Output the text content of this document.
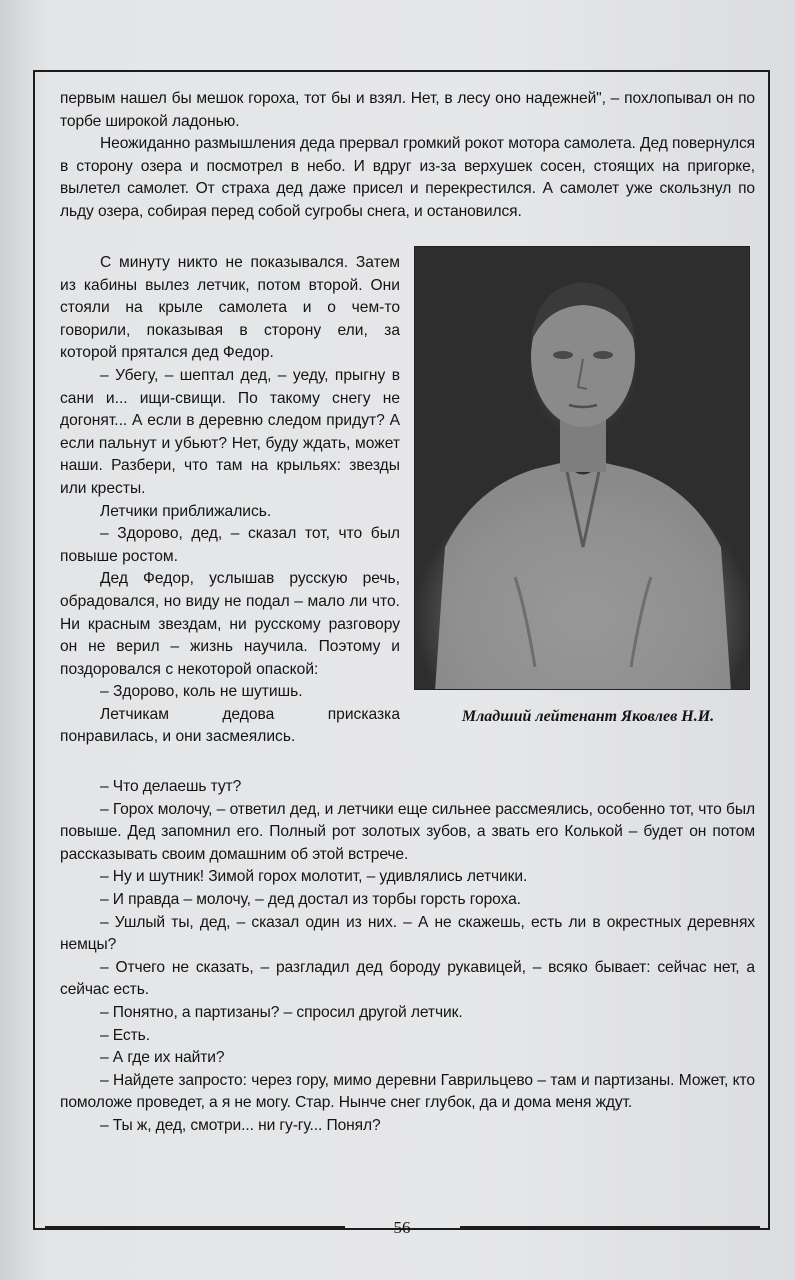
первым нашел бы мешок гороха, тот бы и взял. Нет, в лесу оно надежней", – похлопывал он по торбе широкой ладонью.

Неожиданно размышления деда прервал громкий рокот мотора самолета. Дед повернулся в сторону озера и посмотрел в небо. И вдруг из-за верхушек сосен, стоящих на пригорке, вылетел самолет. От страха дед даже присел и перекрестился. А самолет уже скользнул по льду озера, собирая перед собой сугробы снега, и остановился.

С минуту никто не показывался. Затем из кабины вылез летчик, потом второй. Они стояли на крыле самолета и о чем-то говорили, показывая в сторону ели, за которой прятался дед Федор.

– Убегу, – шептал дед, – уеду, прыгну в сани и... ищи-свищи. По такому снегу не догонят... А если в деревню следом придут? А если пальнут и убьют? Нет, буду ждать, может наши. Разбери, что там на крыльях: звезды или кресты.

Летчики приближались.

– Здорово, дед, – сказал тот, что был повыше ростом.

Дед Федор, услышав русскую речь, обрадовался, но виду не подал – мало ли что. Ни красным звездам, ни русскому разговору он не верил – жизнь научила. Поэтому и поздоровался с некоторой опаской:

– Здорово, коль не шутишь.

Летчикам дедова присказка понравилась, и они засмеялись.

Младший лейтенант Яковлев Н.И.

– Что делаешь тут?

– Горох молочу, – ответил дед, и летчики еще сильнее рассмеялись, особенно тот, что был повыше. Дед запомнил его. Полный рот золотых зубов, а звать его Колькой – будет он потом рассказывать своим домашним об этой встрече.

– Ну и шутник! Зимой горох молотит, – удивлялись летчики.

– И правда – молочу, – дед достал из торбы горсть гороха.

– Ушлый ты, дед, – сказал один из них. – А не скажешь, есть ли в окрестных деревнях немцы?

– Отчего не сказать, – разгладил дед бороду рукавицей, – всяко бывает: сейчас нет, а сейчас есть.

– Понятно, а партизаны? – спросил другой летчик.

– Есть.

– А где их найти?

– Найдете запросто: через гору, мимо деревни Гаврильцево – там и партизаны. Может, кто помоложе проведет, а я не могу. Стар. Нынче снег глубок, да и дома меня ждут.

– Ты ж, дед, смотри... ни гу-гу... Понял?

56
